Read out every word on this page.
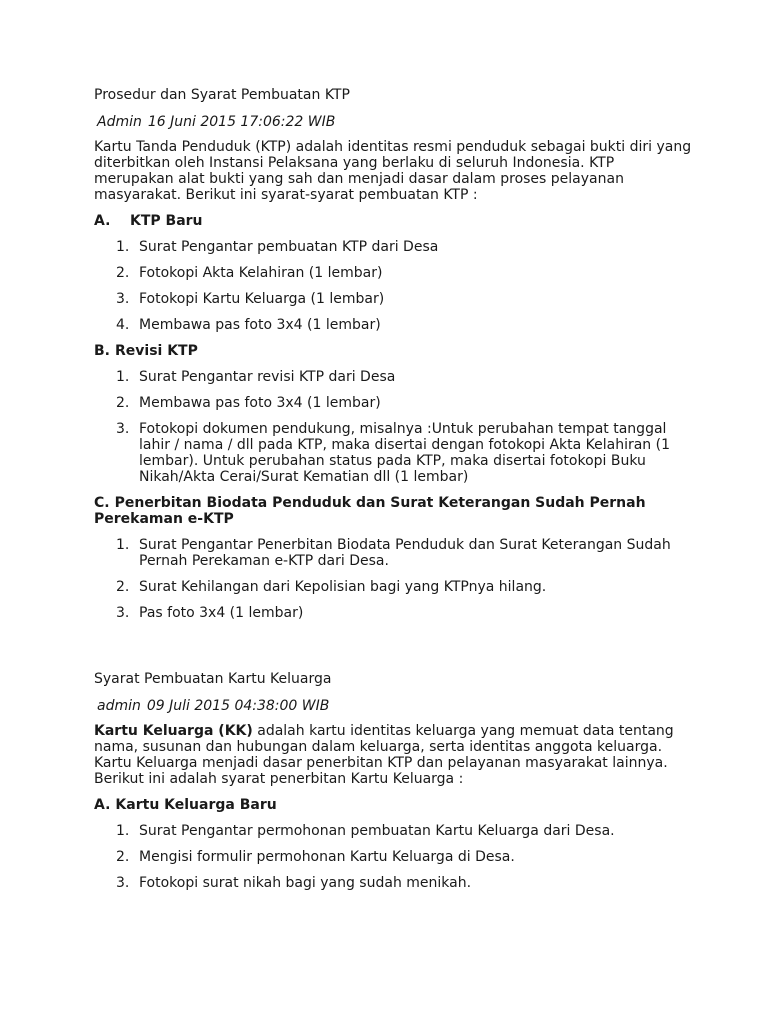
Prosedur dan Syarat Pembuatan KTP
Admin 16 Juni 2015 17:06:22 WIB
Kartu Tanda Penduduk (KTP) adalah identitas resmi penduduk sebagai bukti diri yang diterbitkan oleh Instansi Pelaksana yang berlaku di seluruh Indonesia. KTP merupakan alat bukti yang sah dan menjadi dasar dalam proses pelayanan masyarakat. Berikut ini syarat-syarat pembuatan KTP :
A. KTP Baru
1. Surat Pengantar pembuatan KTP dari Desa
2. Fotokopi Akta Kelahiran (1 lembar)
3. Fotokopi Kartu Keluarga (1 lembar)
4. Membawa pas foto 3x4 (1 lembar)
B. Revisi KTP
1. Surat Pengantar revisi KTP dari Desa
2. Membawa pas foto 3x4 (1 lembar)
3. Fotokopi dokumen pendukung, misalnya :Untuk perubahan tempat tanggal lahir / nama / dll pada KTP, maka disertai dengan fotokopi Akta Kelahiran (1 lembar). Untuk perubahan status pada KTP, maka disertai fotokopi Buku Nikah/Akta Cerai/Surat Kematian dll (1 lembar)
C. Penerbitan Biodata Penduduk dan Surat Keterangan Sudah Pernah Perekaman e-KTP
1. Surat Pengantar Penerbitan Biodata Penduduk dan Surat Keterangan Sudah Pernah Perekaman e-KTP dari Desa.
2. Surat Kehilangan dari Kepolisian bagi yang KTPnya hilang.
3. Pas foto 3x4 (1 lembar)
Syarat Pembuatan Kartu Keluarga
admin 09 Juli 2015 04:38:00 WIB
Kartu Keluarga (KK) adalah kartu identitas keluarga yang memuat data tentang nama, susunan dan hubungan dalam keluarga, serta identitas anggota keluarga. Kartu Keluarga menjadi dasar penerbitan KTP dan pelayanan masyarakat lainnya. Berikut ini adalah syarat penerbitan Kartu Keluarga :
A. Kartu Keluarga Baru
1. Surat Pengantar permohonan pembuatan Kartu Keluarga dari Desa.
2. Mengisi formulir permohonan Kartu Keluarga di Desa.
3. Fotokopi surat nikah bagi yang sudah menikah.
